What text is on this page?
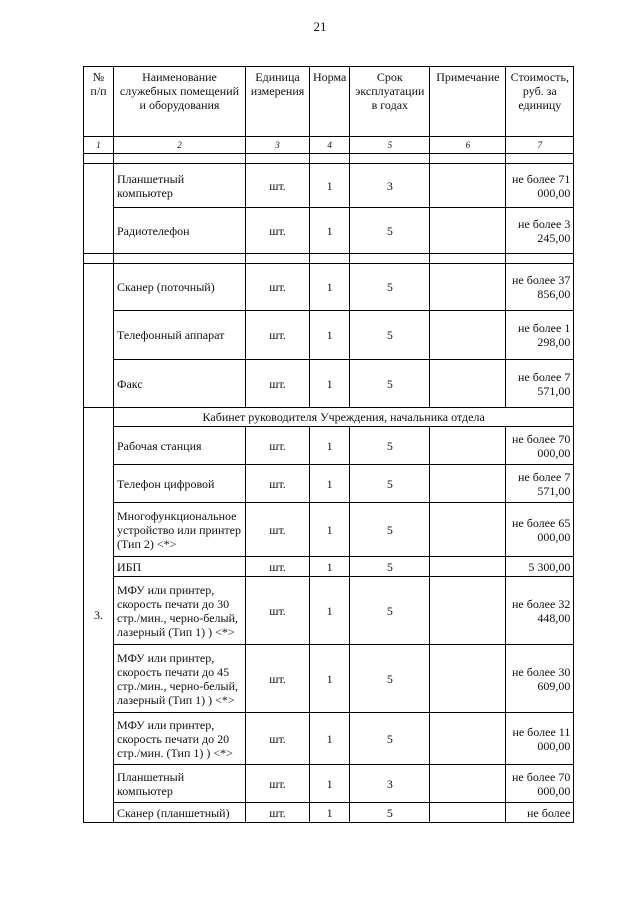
21
№
п/п	Наименование служебных помещений и оборудования	Единица измерения	Норма	Срок эксплуатации в годах	Примечание	Стоимость, руб. за единицу
1	2	3	4	5	6	7

	Планшетный компьютер	шт.	1	3		не более 71 000,00
	Радиотелефон	шт.	1	5		не более 3 245,00

	Сканер (поточный)	шт.	1	5		не более 37 856,00
	Телефонный аппарат	шт.	1	5		не более 1 298,00
	Факс	шт.	1	5		не более 7 571,00
3.	Кабинет руководителя Учреждения, начальника отдела					
	Рабочая станция	шт.	1	5		не более 70 000,00
	Телефон цифровой	шт.	1	5		не более 7 571,00
	Многофункциональное устройство или принтер (Тип 2) <*>	шт.	1	5		не более 65 000,00
	ИБП	шт.	1	5		5 300,00
	МФУ или принтер, скорость печати до 30 стр./мин., черно-белый, лазерный (Тип 1) ) <*>	шт.	1	5		не более 32 448,00
	МФУ или принтер, скорость печати до 45 стр./мин., черно-белый, лазерный (Тип 1) ) <*>	шт.	1	5		не более 30 609,00
	МФУ или принтер, скорость печати до 20 стр./мин. (Тип 1) ) <*>	шт.	1	5		не более 11 000,00
	Планшетный компьютер	шт.	1	3		не более 70 000,00
	Сканер (планшетный)	шт.	1	5		не более
